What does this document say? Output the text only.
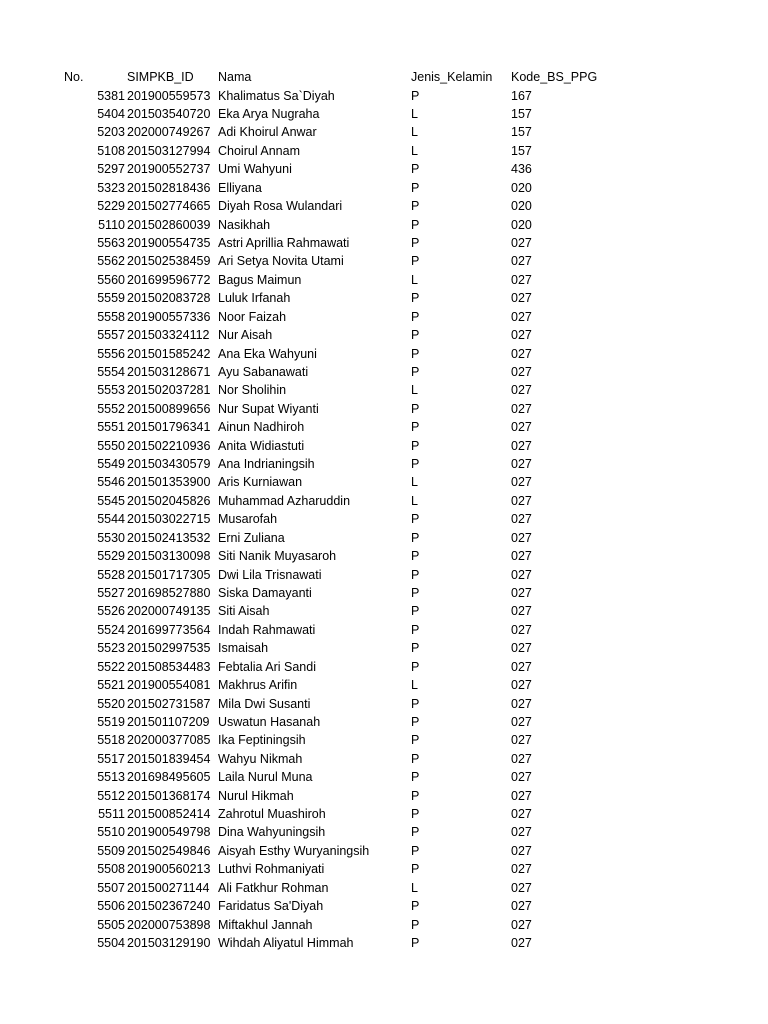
No.	SIMPKB_ID Nama	Jenis_Kelamin Kode_BS_PPG
5381 201900559573 Khalimatus Sa`Diyah	P	167
5404 201503540720 Eka Arya Nugraha	L	157
5203 202000749267 Adi Khoirul Anwar	L	157
5108 201503127994 Choirul Annam	L	157
5297 201900552737 Umi Wahyuni	P	436
5323 201502818436 Elliyana	P	020
5229 201502774665 Diyah Rosa Wulandari	P	020
5110 201502860039 Nasikhah	P	020
5563 201900554735 Astri Aprillia Rahmawati	P	027
5562 201502538459 Ari Setya Novita Utami	P	027
5560 201699596772 Bagus Maimun	L	027
5559 201502083728 Luluk Irfanah	P	027
5558 201900557336 Noor Faizah	P	027
5557 201503324112 Nur Aisah	P	027
5556 201501585242 Ana Eka Wahyuni	P	027
5554 201503128671 Ayu Sabanawati	P	027
5553 201502037281 Nor Sholihin	L	027
5552 201500899656 Nur Supat Wiyanti	P	027
5551 201501796341 Ainun Nadhiroh	P	027
5550 201502210936 Anita Widiastuti	P	027
5549 201503430579 Ana Indrianingsih	P	027
5546 201501353900 Aris Kurniawan	L	027
5545 201502045826 Muhammad Azharuddin	L	027
5544 201503022715 Musarofah	P	027
5530 201502413532 Erni Zuliana	P	027
5529 201503130098 Siti Nanik Muyasaroh	P	027
5528 201501717305 Dwi Lila Trisnawati	P	027
5527 201698527880 Siska Damayanti	P	027
5526 202000749135 Siti Aisah	P	027
5524 201699773564 Indah Rahmawati	P	027
5523 201502997535 Ismaisah	P	027
5522 201508534483 Febtalia Ari Sandi	P	027
5521 201900554081 Makhrus Arifin	L	027
5520 201502731587 Mila Dwi Susanti	P	027
5519 201501107209 Uswatun Hasanah	P	027
5518 202000377085 Ika Feptiningsih	P	027
5517 201501839454 Wahyu Nikmah	P	027
5513 201698495605 Laila Nurul Muna	P	027
5512 201501368174 Nurul Hikmah	P	027
5511 201500852414 Zahrotul Muashiroh	P	027
5510 201900549798 Dina Wahyuningsih	P	027
5509 201502549846 Aisyah Esthy Wuryaningsih	P	027
5508 201900560213 Luthvi Rohmaniyati	P	027
5507 201500271144 Ali Fatkhur Rohman	L	027
5506 201502367240 Faridatus Sa'Diyah	P	027
5505 202000753898 Miftakhul Jannah	P	027
5504 201503129190 Wihdah Aliyatul Himmah	P	027
